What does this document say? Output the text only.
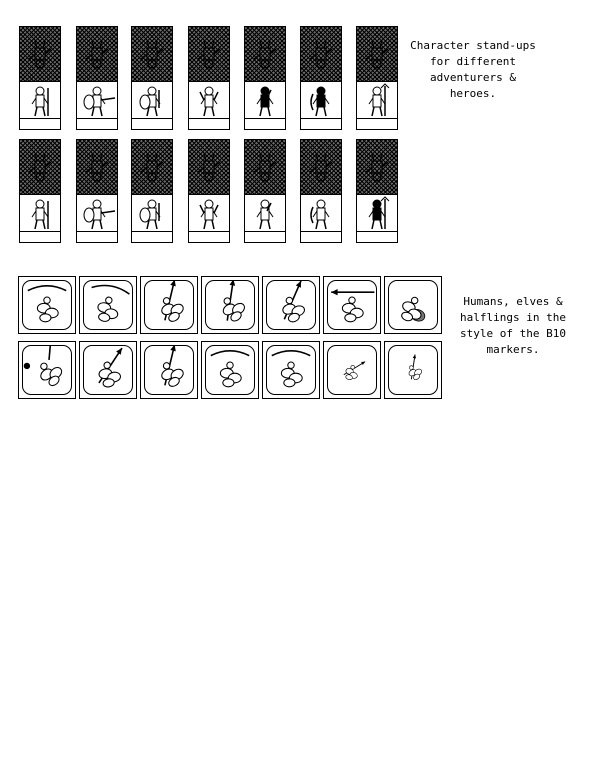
Character stand-ups
for different
adventurers &
heroes.
Humans, elves &
halflings in the
style of the B10
markers.
